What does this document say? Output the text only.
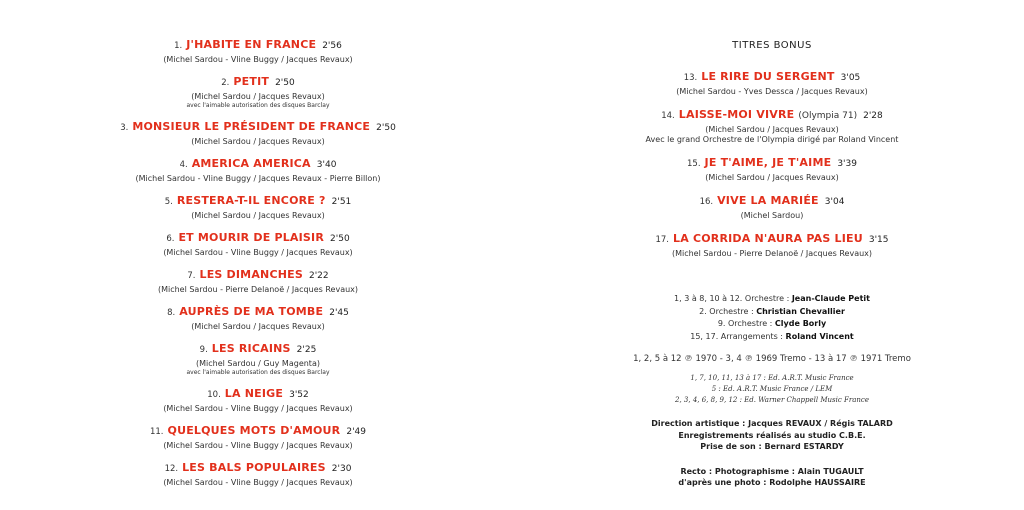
1. J'HABITE EN FRANCE 2'56
(Michel Sardou - Vline Buggy / Jacques Revaux)
2. PETIT 2'50
(Michel Sardou / Jacques Revaux)
avec l'aimable autorisation des disques Barclay
3. MONSIEUR LE PRÉSIDENT DE FRANCE 2'50
(Michel Sardou / Jacques Revaux)
4. AMERICA AMERICA 3'40
(Michel Sardou - Vline Buggy / Jacques Revaux - Pierre Billon)
5. RESTERA-T-IL ENCORE ? 2'51
(Michel Sardou / Jacques Revaux)
6. ET MOURIR DE PLAISIR 2'50
(Michel Sardou - Vline Buggy / Jacques Revaux)
7. LES DIMANCHES 2'22
(Michel Sardou - Pierre Delanoë / Jacques Revaux)
8. AUPRÈS DE MA TOMBE 2'45
(Michel Sardou / Jacques Revaux)
9. LES RICAINS 2'25
(Michel Sardou / Guy Magenta)
avec l'aimable autorisation des disques Barclay
10. LA NEIGE 3'52
(Michel Sardou - Vline Buggy / Jacques Revaux)
11. QUELQUES MOTS D'AMOUR 2'49
(Michel Sardou - Vline Buggy / Jacques Revaux)
12. LES BALS POPULAIRES 2'30
(Michel Sardou - Vline Buggy / Jacques Revaux)
TITRES BONUS
13. LE RIRE DU SERGENT 3'05
(Michel Sardou - Yves Dessca / Jacques Revaux)
14. LAISSE-MOI VIVRE (Olympia 71) 2'28
(Michel Sardou / Jacques Revaux)
Avec le grand Orchestre de l'Olympia dirigé par Roland Vincent
15. JE T'AIME, JE T'AIME 3'39
(Michel Sardou / Jacques Revaux)
16. VIVE LA MARIÉE 3'04
(Michel Sardou)
17. LA CORRIDA N'AURA PAS LIEU 3'15
(Michel Sardou - Pierre Delanoë / Jacques Revaux)
1, 3 à 8, 10 à 12. Orchestre : Jean-Claude Petit
2. Orchestre : Christian Chevallier
9. Orchestre : Clyde Borly
15, 17. Arrangements : Roland Vincent
1, 2, 5 à 12 ℗ 1970 - 3, 4 ℗ 1969 Tremo - 13 à 17 ℗ 1971 Tremo
1, 7, 10, 11, 13 à 17 : Ed. A.R.T. Music France
5 : Ed. A.R.T. Music France / LEM
2, 3, 4, 6, 8, 9, 12 : Ed. Warner Chappell Music France
Direction artistique : Jacques REVAUX / Régis TALARD
Enregistrements réalisés au studio C.B.E.
Prise de son : Bernard ESTARDY
Recto : Photographisme : Alain TUGAULT
d'après une photo : Rodolphe HAUSSAIRE
